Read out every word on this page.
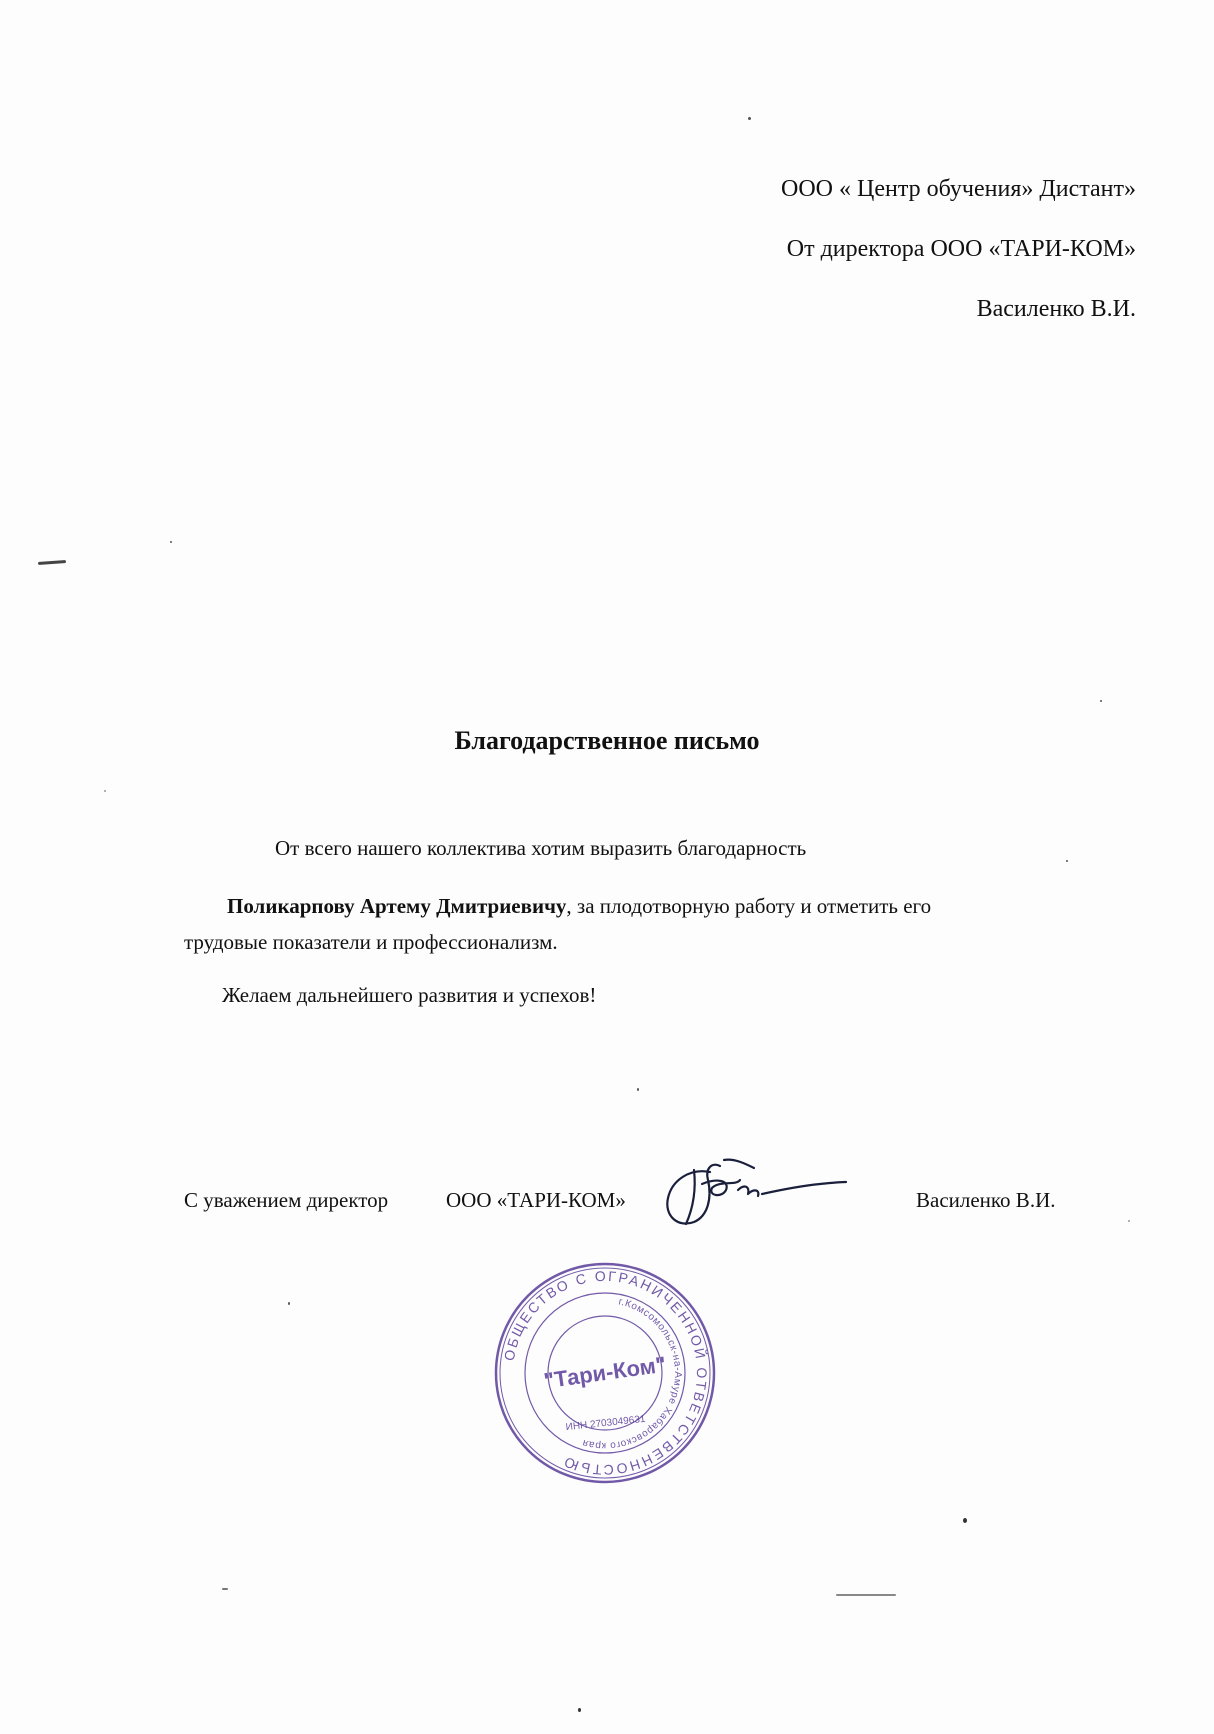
ООО « Центр обучения» Дистант»
От директора ООО «ТАРИ-КОМ»
Василенко В.И.
Благодарственное письмо
От всего нашего коллектива хотим выразить благодарность
Поликарпову Артему Дмитриевичу, за плодотворную работу и отметить его
трудовые показатели и профессионализм.
Желаем дальнейшего развития и успехов!
С уважением директор	ООО «ТАРИ-КОМ»	Василенко В.И.
ОБЩЕСТВО С ОГРАНИЧЕННОЙ ОТВЕТСТВЕННОСТЬЮ
г.Комсомольск-на-Амуре Хабаровского края
"Тари-Ком"
ИНН 2703049631
